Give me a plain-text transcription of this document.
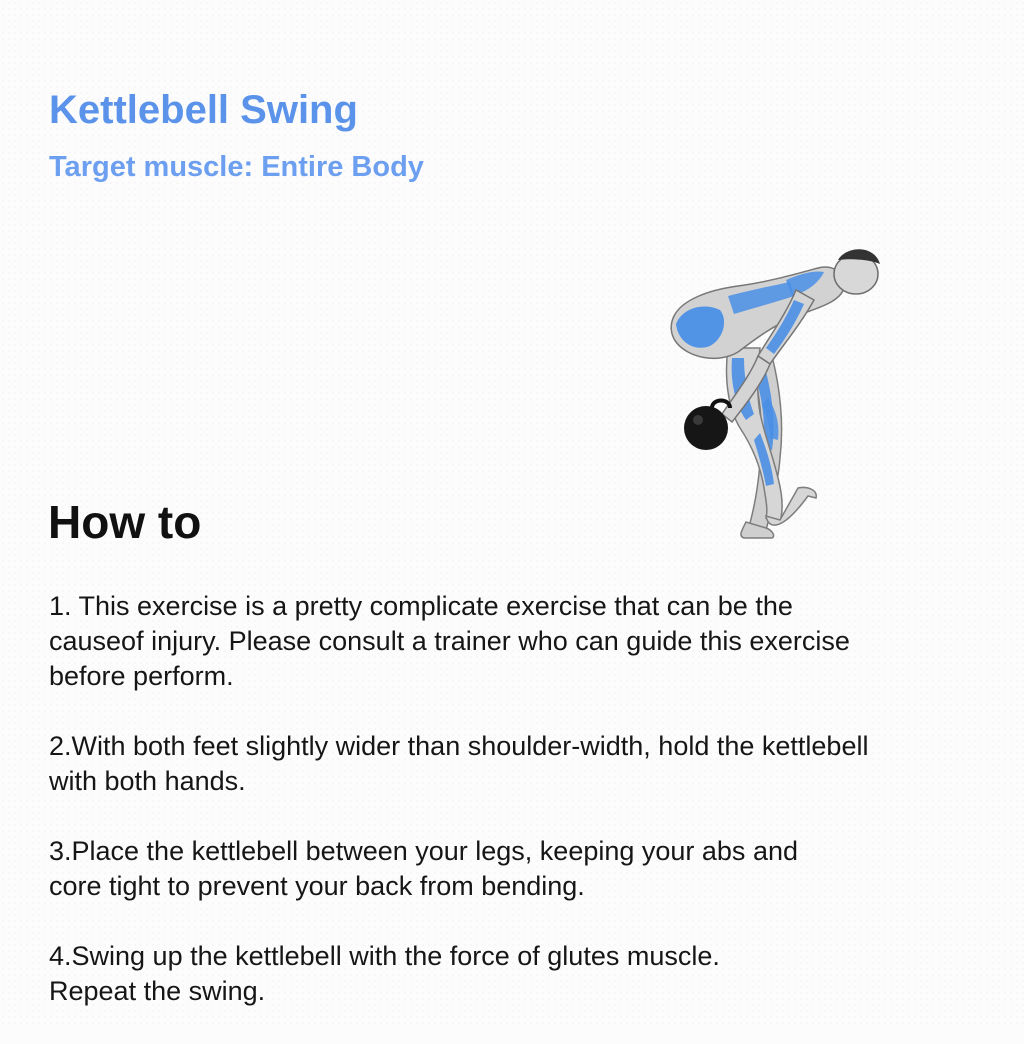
Kettlebell Swing
Target muscle: Entire Body
How to
1. This exercise is a pretty complicate exercise that can be the
causeof injury. Please consult a trainer who can guide this exercise
before perform.
2.With both feet slightly wider than shoulder-width, hold the kettlebell
with both hands.
3.Place the kettlebell between your legs, keeping your abs and
core tight to prevent your back from bending.
4.Swing up the kettlebell with the force of glutes muscle.
Repeat the swing.
